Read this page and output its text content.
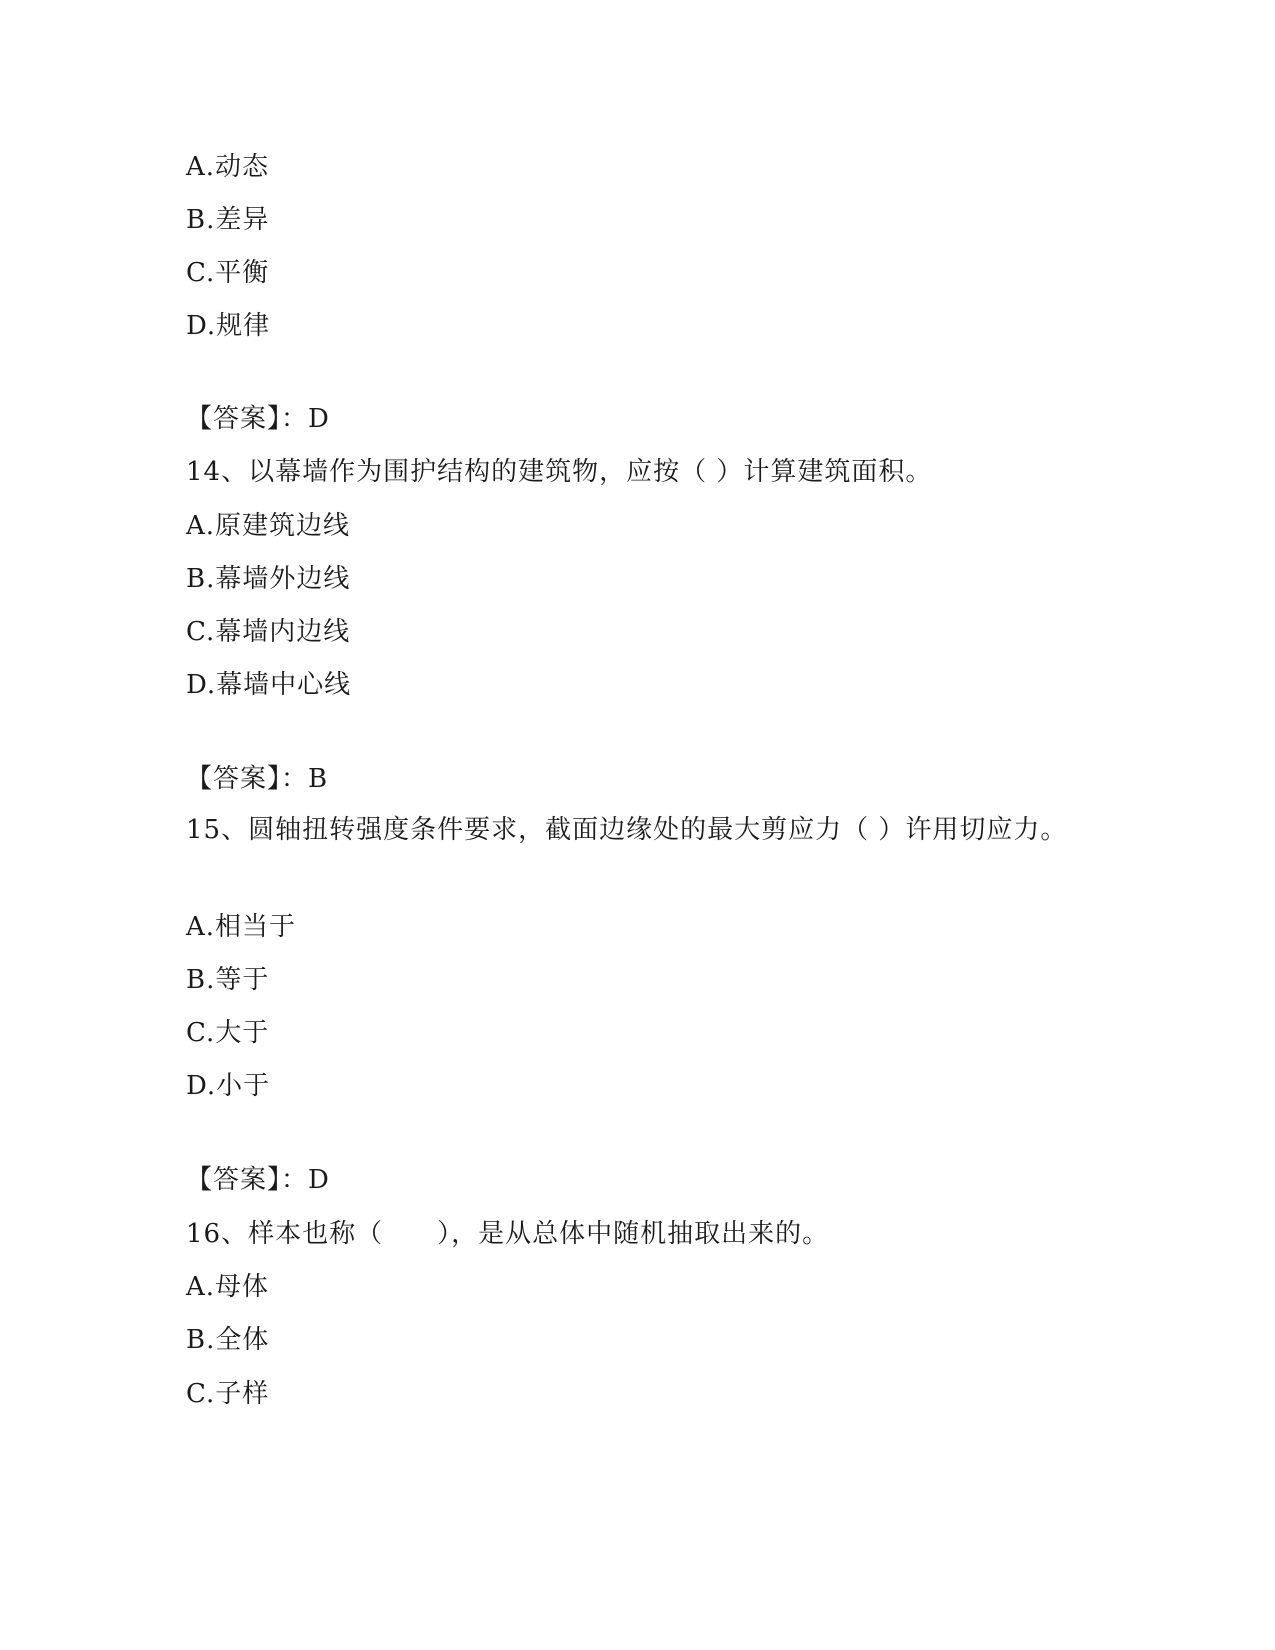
A.动态
B.差异
C.平衡
D.规律
【答案】：D
14、以幕墙作为围护结构的建筑物，应按（ ）计算建筑面积。
A.原建筑边线
B.幕墙外边线
C.幕墙内边线
D.幕墙中心线
【答案】：B
15、圆轴扭转强度条件要求，截面边缘处的最大剪应力（ ）许用切应力。
A.相当于
B.等于
C.大于
D.小于
【答案】：D
16、样本也称（　　），是从总体中随机抽取出来的。
A.母体
B.全体
C.子样
